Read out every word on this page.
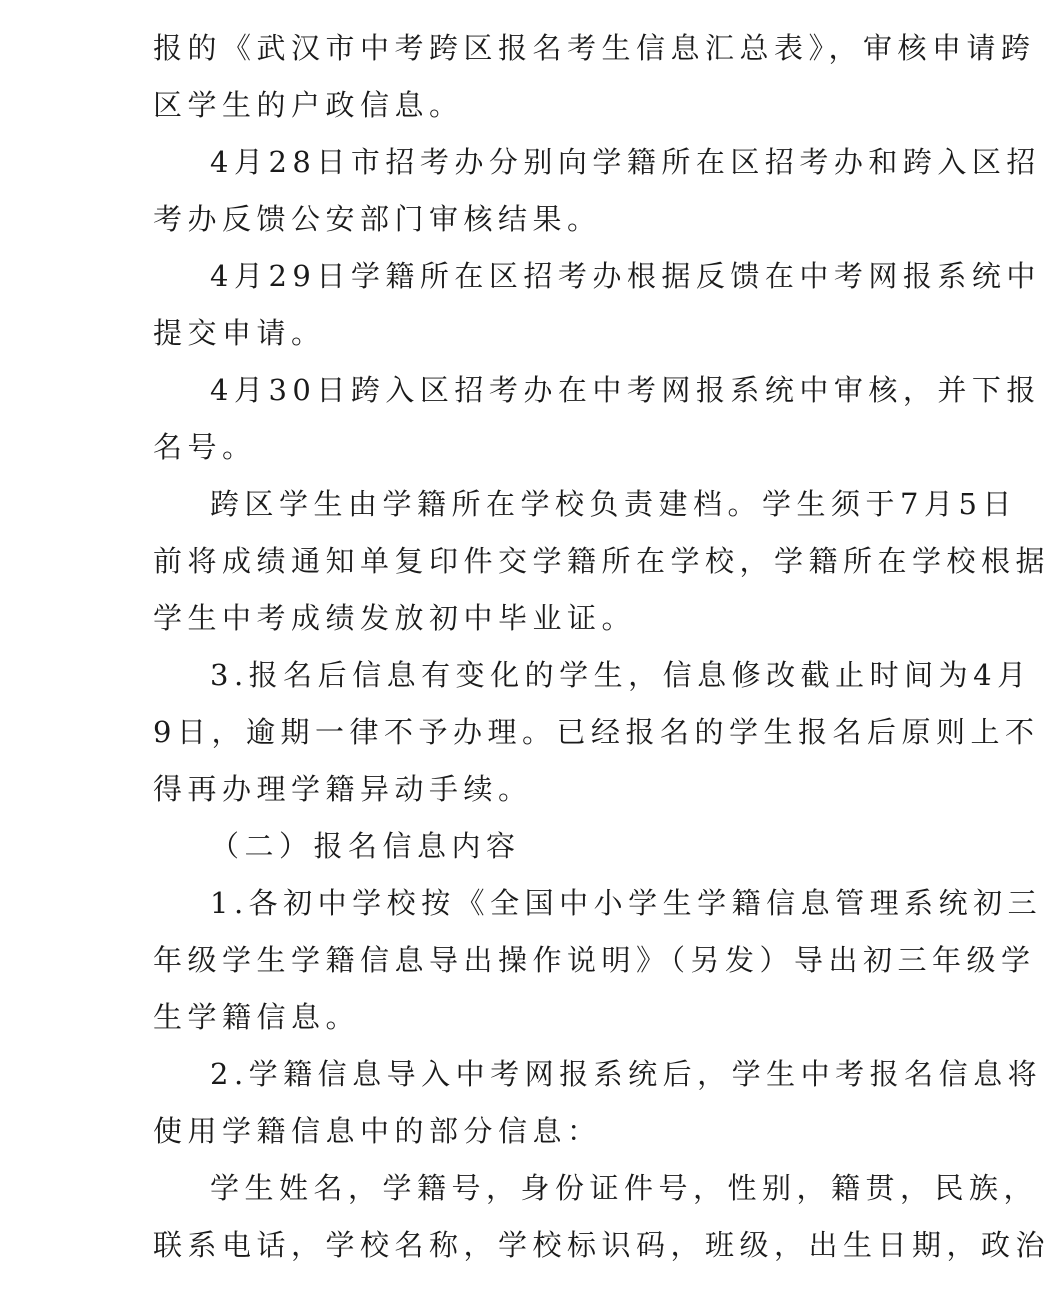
报的《武汉市中考跨区报名考生信息汇总表》，审核申请跨
区学生的户政信息。
4月28日市招考办分别向学籍所在区招考办和跨入区招
考办反馈公安部门审核结果。
4月29日学籍所在区招考办根据反馈在中考网报系统中
提交申请。
4月30日跨入区招考办在中考网报系统中审核，并下报
名号。
跨区学生由学籍所在学校负责建档。学生须于7月5日
前将成绩通知单复印件交学籍所在学校，学籍所在学校根据
学生中考成绩发放初中毕业证。
3.报名后信息有变化的学生，信息修改截止时间为4月
9日，逾期一律不予办理。已经报名的学生报名后原则上不
得再办理学籍异动手续。
（二）报名信息内容
1.各初中学校按《全国中小学生学籍信息管理系统初三
年级学生学籍信息导出操作说明》（另发）导出初三年级学
生学籍信息。
2.学籍信息导入中考网报系统后，学生中考报名信息将
使用学籍信息中的部分信息：
学生姓名，学籍号，身份证件号，性别，籍贯，民族，
联系电话，学校名称，学校标识码，班级，出生日期，政治
